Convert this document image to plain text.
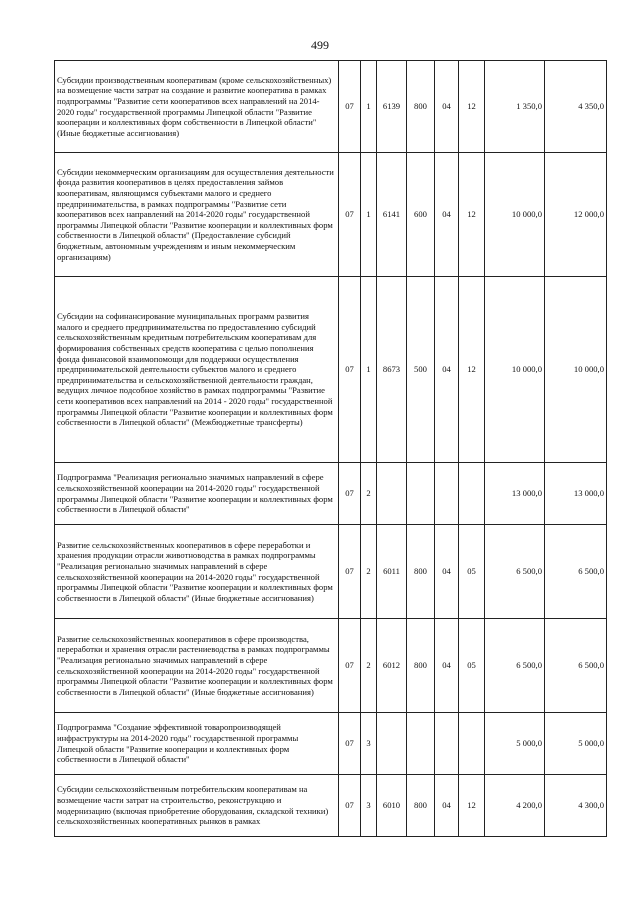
499
Субсидии производственным кооперативам (кроме сельскохозяйственных) на возмещение части затрат на создание и развитие кооператива в рамках подпрограммы "Развитие сети кооперативов всех направлений на 2014-2020 годы" государственной программы Липецкой области "Развитие кооперации и коллективных форм собственности в Липецкой области" (Иные бюджетные ассигнования)	07	1	6139	800	04	12	1 350,0	4 350,0
Субсидии некоммерческим организациям для осуществления деятельности фонда развития кооперативов в целях предоставления займов кооперативам, являющимся субъектами малого и среднего предпринимательства, в рамках подпрограммы "Развитие сети кооперативов всех направлений на 2014-2020 годы" государственной программы Липецкой области "Развитие кооперации и коллективных форм собственности в Липецкой области" (Предоставление субсидий бюджетным, автономным учреждениям и иным некоммерческим организациям)	07	1	6141	600	04	12	10 000,0	12 000,0
Субсидии на софинансирование муниципальных программ развития малого и среднего предпринимательства по предоставлению субсидий сельскохозяйственным кредитным потребительским кооперативам для формирования собственных средств кооператива с целью пополнения фонда финансовой взаимопомощи для поддержки осуществления предпринимательской деятельности субъектов малого и среднего предпринимательства и сельскохозяйственной деятельности граждан, ведущих личное подсобное хозяйство в рамках подпрограммы "Развитие сети кооперативов всех направлений на 2014 - 2020 годы" государственной программы Липецкой области "Развитие кооперации и коллективных форм собственности в Липецкой области" (Межбюджетные трансферты)	07	1	8673	500	04	12	10 000,0	10 000,0
Подпрограмма "Реализация регионально значимых направлений в сфере сельскохозяйственной кооперации на 2014-2020 годы" государственной программы Липецкой области "Развитие кооперации и коллективных форм собственности в Липецкой области"	07	2					13 000,0	13 000,0
Развитие сельскохозяйственных кооперативов в сфере переработки и хранения продукции отрасли животноводства в рамках подпрограммы "Реализация регионально значимых направлений в сфере сельскохозяйственной кооперации на 2014-2020 годы" государственной программы Липецкой области "Развитие кооперации и коллективных форм собственности в Липецкой области" (Иные бюджетные ассигнования)	07	2	6011	800	04	05	6 500,0	6 500,0
Развитие сельскохозяйственных кооперативов в сфере производства, переработки и хранения отрасли растениеводства в рамках подпрограммы "Реализация регионально значимых направлений в сфере сельскохозяйственной кооперации на 2014-2020 годы" государственной программы Липецкой области "Развитие кооперации и коллективных форм собственности в Липецкой области" (Иные бюджетные ассигнования)	07	2	6012	800	04	05	6 500,0	6 500,0
Подпрограмма "Создание эффективной товаропроизводящей инфраструктуры на 2014-2020 годы" государственной программы Липецкой области "Развитие кооперации и коллективных форм собственности в Липецкой области"	07	3					5 000,0	5 000,0
Субсидии сельскохозяйственным потребительским кооперативам на возмещение части затрат на строительство, реконструкцию и модернизацию (включая приобретение оборудования, складской техники) сельскохозяйственных кооперативных рынков в рамках	07	3	6010	800	04	12	4 200,0	4 300,0
